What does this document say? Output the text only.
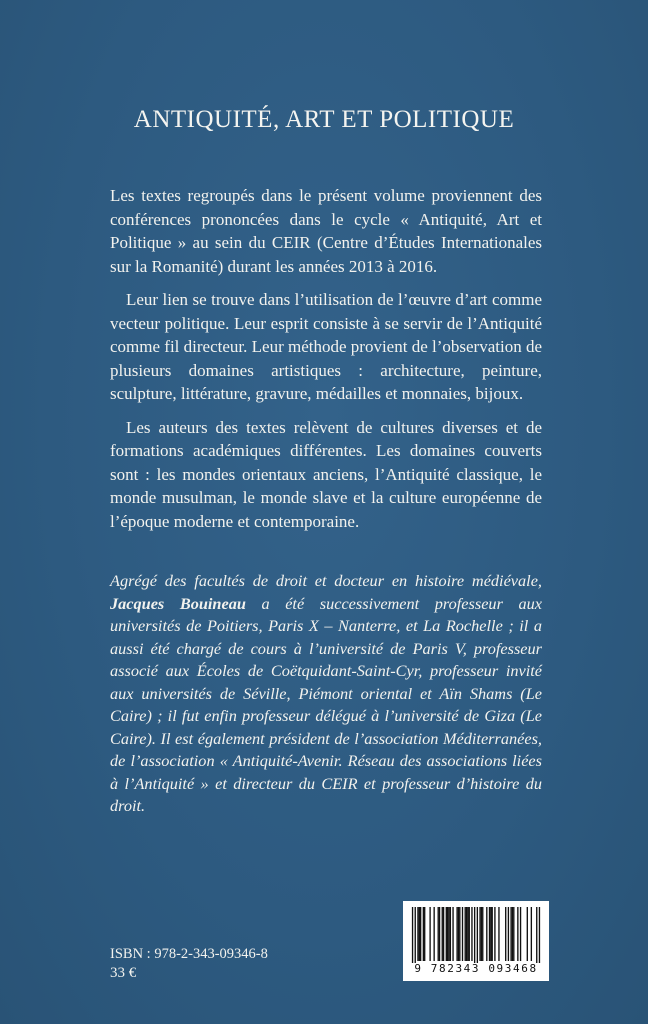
ANTIQUITÉ, ART ET POLITIQUE

Les textes regroupés dans le présent volume proviennent des conférences prononcées dans le cycle « Antiquité, Art et Politique » au sein du CEIR (Centre d’Études Internationales sur la Romanité) durant les années 2013 à 2016.

Leur lien se trouve dans l’utilisation de l’œuvre d’art comme vecteur politique. Leur esprit consiste à se servir de l’Antiquité comme fil directeur. Leur méthode provient de l’observation de plusieurs domaines artistiques : architecture, peinture, sculpture, littérature, gravure, médailles et monnaies, bijoux.

Les auteurs des textes relèvent de cultures diverses et de formations académiques différentes. Les domaines couverts sont : les mondes orientaux anciens, l’Antiquité classique, le monde musulman, le monde slave et la culture européenne de l’époque moderne et contemporaine.

Agrégé des facultés de droit et docteur en histoire médiévale, Jacques Bouineau a été successivement professeur aux universités de Poitiers, Paris X – Nanterre, et La Rochelle ; il a aussi été chargé de cours à l’université de Paris V, professeur associé aux Écoles de Coëtquidant-Saint-Cyr, professeur invité aux universités de Séville, Piémont oriental et Aïn Shams (Le Caire) ; il fut enfin professeur délégué à l’université de Giza (Le Caire). Il est également président de l’association Méditerranées, de l’association « Antiquité-Avenir. Réseau des associations liées à l’Antiquité » et directeur du CEIR et professeur d’histoire du droit.

ISBN : 978-2-343-09346-8
33 €	9 782343 093468
